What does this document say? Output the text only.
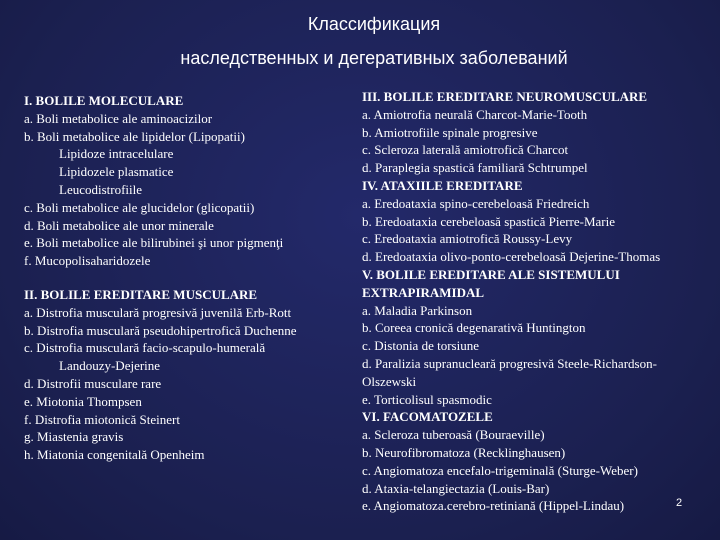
Классификация
наследственных и дегеративных заболеваний
I. BOLILE MOLECULARE
a. Boli metabolice ale aminoacizilor
b. Boli metabolice ale lipidelor (Lipopatii)
Lipidoze intracelulare
Lipidozele plasmatice
Leucodistrofiile
c. Boli metabolice ale glucidelor (glicopatii)
d. Boli metabolice ale unor minerale
e. Boli metabolice ale bilirubinei şi unor pigmenţi
f. Mucopolisaharidozele
II. BOLILE EREDITARE MUSCULARE
a. Distrofia musculară progresivă juvenilă Erb-Rott
b. Distrofia musculară pseudohipertrofică Duchenne
c. Distrofia musculară facio-scapulo-humerală
Landouzy-Dejerine
d. Distrofii musculare rare
e. Miotonia Thompsen
f. Distrofia miotonică Steinert
g. Miastenia gravis
h. Miatonia congenitală Openheim
III. BOLILE EREDITARE NEUROMUSCULARE
a. Amiotrofia neurală Charcot-Marie-Tooth
b. Amiotrofiile spinale progresive
c. Scleroza laterală amiotrofică Charcot
d. Paraplegia spastică familiară Schtrumpel
IV. ATAXIILE EREDITARE
a. Eredoataxia spino-cerebeloasă Friedreich
b. Eredoataxia cerebeloasă spastică Pierre-Marie
c. Eredoataxia amiotrofică Roussy-Levy
d. Eredoataxia olivo-ponto-cerebeloasă Dejerine-Thomas
V. BOLILE EREDITARE ALE SISTEMULUI
EXTRAPIRAMIDAL
a. Maladia Parkinson
b. Coreea cronică degenarativă Huntington
c. Distonia de torsiune
d. Paralizia supranucleară progresivă Steele-Richardson-
Olszewski
e. Torticolisul spasmodic
VI. FACOMATOZELE
a. Scleroza tuberoasă (Bouraeville)
b. Neurofibromatoza (Recklinghausen)
c. Angiomatoza encefalo-trigeminală (Sturge-Weber)
d. Ataxia-telangiectazia (Louis-Bar)
e. Angiomatoza.cerebro-retiniană (Hippel-Lindau)	2
